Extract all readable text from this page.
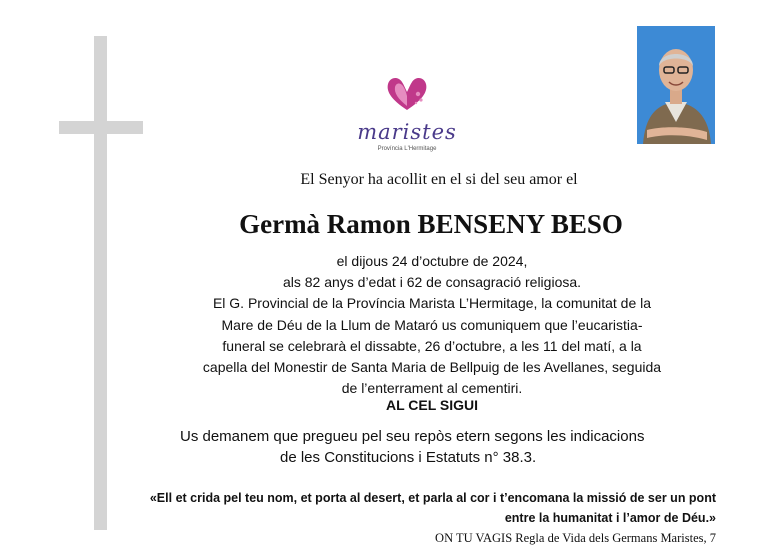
maristes
Província L'Hermitage
El Senyor ha acollit en el si del seu amor el
Germà Ramon BENSENY BESO
el dijous 24 d’octubre de 2024,
als 82 anys d’edat i 62 de consagració religiosa.
El G. Provincial de la Província Marista L’Hermitage, la comunitat de la
Mare de Déu de la Llum de Mataró us comuniquem que l’eucaristia-
funeral se celebrarà el dissabte, 26 d’octubre, a les 11 del matí, a la
capella del Monestir de Santa Maria de Bellpuig de les Avellanes, seguida
de l’enterrament al cementiri.
AL CEL SIGUI
Us demanem que pregueu pel seu repòs etern segons les indicacions
de les Constitucions i Estatuts n° 38.3.
«Ell et crida pel teu nom, et porta al desert, et parla al cor i t’encomana la missió de ser un pont
entre la humanitat i l’amor de Déu.»
ON TU VAGIS Regla de Vida dels Germans Maristes, 7
